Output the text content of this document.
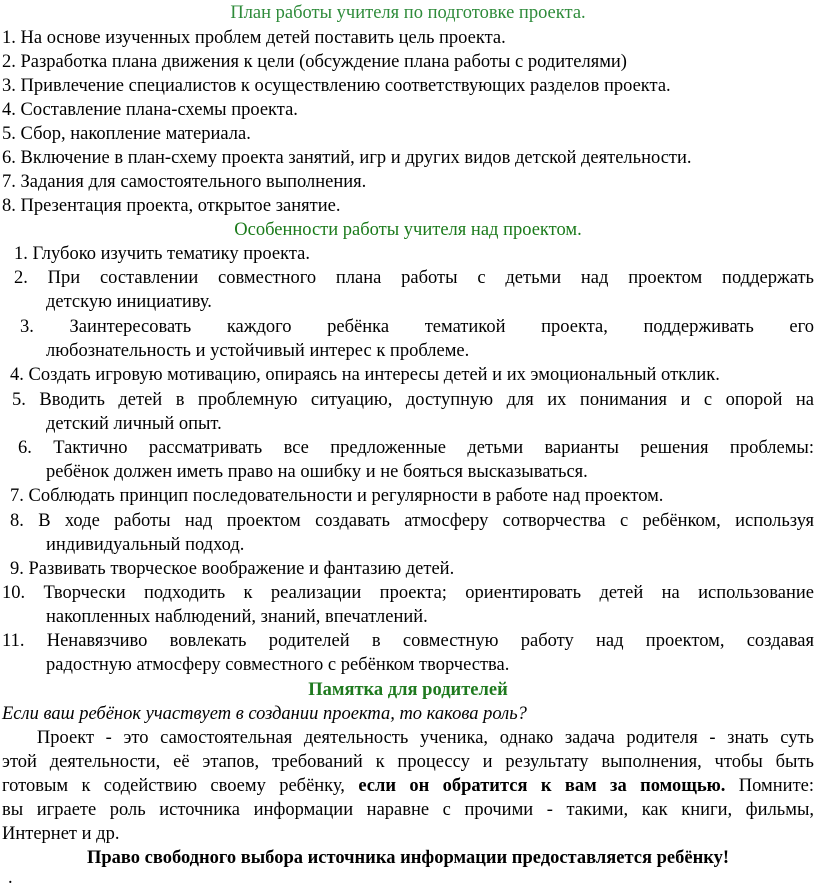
План работы учителя по подготовке проекта.
1. На основе изученных проблем детей поставить цель проекта.
2. Разработка плана движения к цели (обсуждение плана работы с родителями)
3. Привлечение специалистов к осуществлению соответствующих разделов проекта.
4. Составление плана-схемы проекта.
5. Сбор, накопление материала.
6. Включение в план-схему проекта занятий, игр и других видов детской деятельности.
7. Задания для самостоятельного выполнения.
8. Презентация проекта, открытое занятие.
Особенности работы учителя над проектом.
1. Глубоко изучить тематику проекта.
2. При составлении совместного плана работы с детьми над проектом поддержать
детскую инициативу.
3. Заинтересовать каждого ребёнка тематикой проекта, поддерживать его
любознательность и устойчивый интерес к проблеме.
4. Создать игровую мотивацию, опираясь на интересы детей и их эмоциональный отклик.
5. Вводить детей в проблемную ситуацию, доступную для их понимания и с опорой на
детский личный опыт.
6. Тактично рассматривать все предложенные детьми варианты решения проблемы:
ребёнок должен иметь право на ошибку и не бояться высказываться.
7. Соблюдать принцип последовательности и регулярности в работе над проектом.
8. В ходе работы над проектом создавать атмосферу сотворчества с ребёнком, используя
индивидуальный подход.
9. Развивать творческое воображение и фантазию детей.
10. Творчески подходить к реализации проекта; ориентировать детей на использование
накопленных наблюдений, знаний, впечатлений.
11. Ненавязчиво вовлекать родителей в совместную работу над проектом, создавая
радостную атмосферу совместного с ребёнком творчества.
Памятка для родителей
Если ваш ребёнок участвует в создании проекта, то какова роль?
Проект - это самостоятельная деятельность ученика, однако задача родителя - знать суть
этой деятельности, её этапов, требований к процессу и результату выполнения, чтобы быть
готовым к содействию своему ребёнку, если он обратится к вам за помощью. Помните:
вы играете роль источника информации наравне с прочими - такими, как книги, фильмы,
Интернет и др.
Право свободного выбора источника информации предоставляется ребёнку!
.
